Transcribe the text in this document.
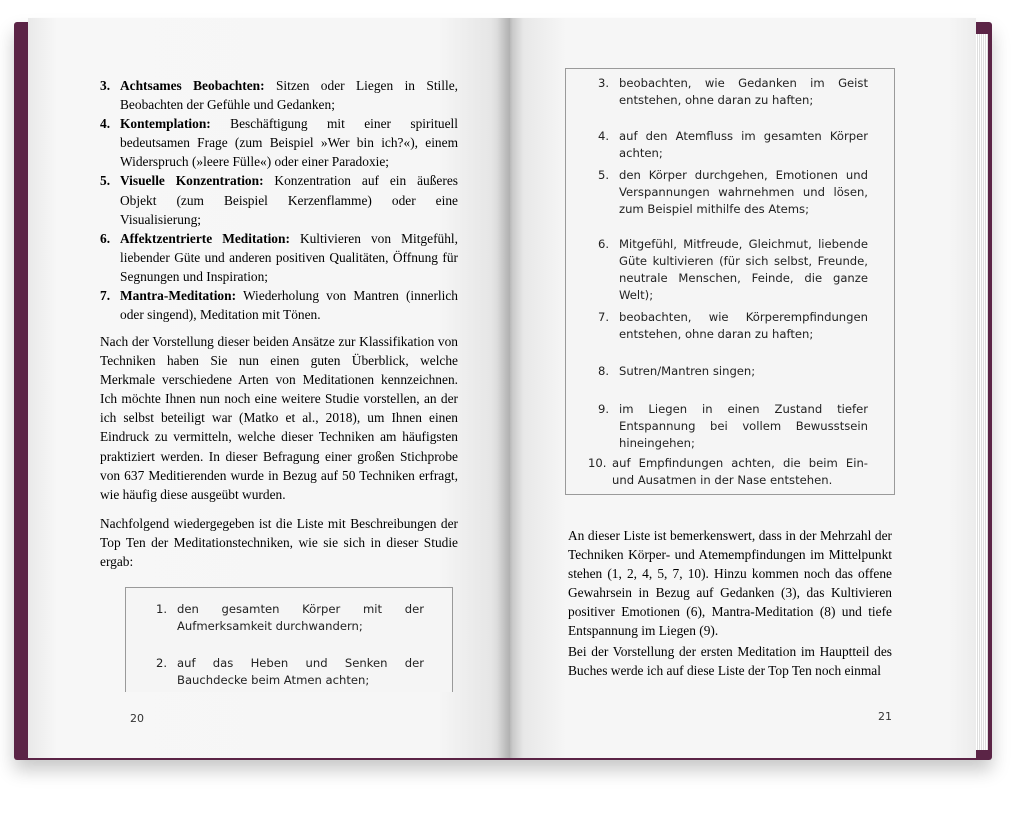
3. Achtsames Beobachten: Sitzen oder Liegen in Stille, Beobachten der Gefühle und Gedanken;
4. Kontemplation: Beschäftigung mit einer spirituell bedeutsamen Frage (zum Beispiel »Wer bin ich?«), einem Widerspruch (»leere Fülle«) oder einer Paradoxie;
5. Visuelle Konzentration: Konzentration auf ein äußeres Objekt (zum Beispiel Kerzenflamme) oder eine Visualisierung;
6. Affektzentrierte Meditation: Kultivieren von Mitgefühl, liebender Güte und anderen positiven Qualitäten, Öffnung für Segnungen und Inspiration;
7. Mantra-Meditation: Wiederholung von Mantren (innerlich oder singend), Meditation mit Tönen.

Nach der Vorstellung dieser beiden Ansätze zur Klassifikation von Techniken haben Sie nun einen guten Überblick, welche Merkmale verschiedene Arten von Meditationen kennzeichnen. Ich möchte Ihnen nun noch eine weitere Studie vorstellen, an der ich selbst beteiligt war (Matko et al., 2018), um Ihnen einen Eindruck zu vermitteln, welche dieser Techniken am häufigsten praktiziert werden. In dieser Befragung einer großen Stichprobe von 637 Meditierenden wurde in Bezug auf 50 Techniken erfragt, wie häufig diese ausgeübt wurden.

Nachfolgend wiedergegeben ist die Liste mit Beschreibungen der Top Ten der Meditationstechniken, wie sie sich in dieser Studie ergab:

1. den gesamten Körper mit der Aufmerksamkeit durchwandern;

2. auf das Heben und Senken der Bauchdecke beim Atmen achten;

20

3. beobachten, wie Gedanken im Geist entstehen, ohne daran zu haften;

4. auf den Atemfluss im gesamten Körper achten;

5. den Körper durchgehen, Emotionen und Verspannungen wahrnehmen und lösen, zum Beispiel mithilfe des Atems;

6. Mitgefühl, Mitfreude, Gleichmut, liebende Güte kultivieren (für sich selbst, Freunde, neutrale Menschen, Feinde, die ganze Welt);

7. beobachten, wie Körperempfindungen entstehen, ohne daran zu haften;

8. Sutren/Mantren singen;

9. im Liegen in einen Zustand tiefer Entspannung bei vollem Bewusstsein hineingehen;

10. auf Empfindungen achten, die beim Ein- und Ausatmen in der Nase entstehen.

An dieser Liste ist bemerkenswert, dass in der Mehrzahl der Techniken Körper- und Atemempfindungen im Mittelpunkt stehen (1, 2, 4, 5, 7, 10). Hinzu kommen noch das offene Gewahrsein in Bezug auf Gedanken (3), das Kultivieren positiver Emotionen (6), Mantra-Meditation (8) und tiefe Entspannung im Liegen (9).

Bei der Vorstellung der ersten Meditation im Hauptteil des Buches werde ich auf diese Liste der Top Ten noch einmal

21
